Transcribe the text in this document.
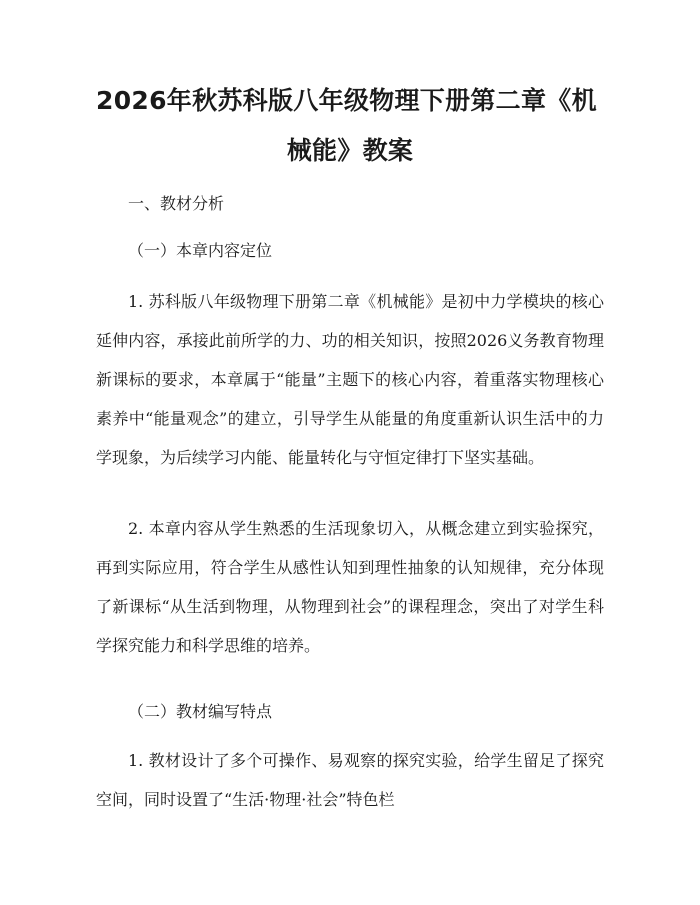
2026年秋苏科版八年级物理下册第二章《机
械能》教案

一、教材分析

（一）本章内容定位

1. 苏科版八年级物理下册第二章《机械能》是初中力学模块的核心延伸内容，承接此前所学的力、功的相关知识，按照2026义务教育物理新课标的要求，本章属于“能量”主题下的核心内容，着重落实物理核心素养中“能量观念”的建立，引导学生从能量的角度重新认识生活中的力学现象，为后续学习内能、能量转化与守恒定律打下坚实基础。

2. 本章内容从学生熟悉的生活现象切入，从概念建立到实验探究，再到实际应用，符合学生从感性认知到理性抽象的认知规律，充分体现了新课标“从生活到物理，从物理到社会”的课程理念，突出了对学生科学探究能力和科学思维的培养。

（二）教材编写特点

1. 教材设计了多个可操作、易观察的探究实验，给学生留足了探究空间，同时设置了“生活·物理·社会”特色栏
